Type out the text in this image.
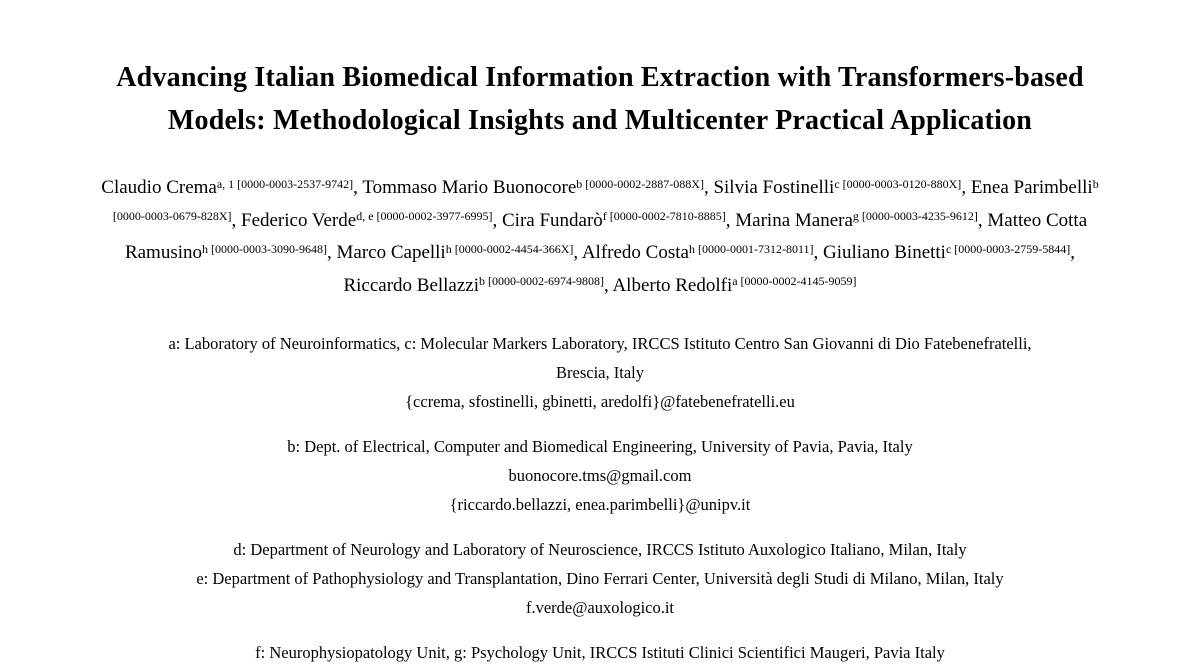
Advancing Italian Biomedical Information Extraction with Transformers-based
Models: Methodological Insights and Multicenter Practical Application

Claudio Crema$^{a, 1 [0000-0003-2537-9742]}$, Tommaso Mario Buonocore$^{b [0000-0002-2887-088X]}$, Silvia Fostinelli$^{c [0000-0003-0120-880X]}$, Enea Parimbelli$^{b [0000-0003-0679-828X]}$, Federico Verde$^{d, e [0000-0002-3977-6995]}$, Cira Fundarò$^{f [0000-0002-7810-8885]}$, Marina Manera$^{g [0000-0003-4235-9612]}$, Matteo Cotta Ramusino$^{h [0000-0003-3090-9648]}$, Marco Capelli$^{h [0000-0002-4454-366X]}$, Alfredo Costa$^{h [0000-0001-7312-8011]}$, Giuliano Binetti$^{c [0000-0003-2759-5844]}$, Riccardo Bellazzi$^{b [0000-0002-6974-9808]}$, Alberto Redolfi$^{a [0000-0002-4145-9059]}$

a: Laboratory of Neuroinformatics, c: Molecular Markers Laboratory, IRCCS Istituto Centro San Giovanni di Dio Fatebenefratelli,
Brescia, Italy
{ccrema, sfostinelli, gbinetti, aredolfi}@fatebenefratelli.eu
b: Dept. of Electrical, Computer and Biomedical Engineering, University of Pavia, Pavia, Italy
buonocore.tms@gmail.com
{riccardo.bellazzi, enea.parimbelli}@unipv.it
d: Department of Neurology and Laboratory of Neuroscience, IRCCS Istituto Auxologico Italiano, Milan, Italy
e: Department of Pathophysiology and Transplantation, Dino Ferrari Center, Università degli Studi di Milano, Milan, Italy
f.verde@auxologico.it
f: Neurophysiopatology Unit, g: Psychology Unit, IRCCS Istituti Clinici Scientifici Maugeri, Pavia Italy
